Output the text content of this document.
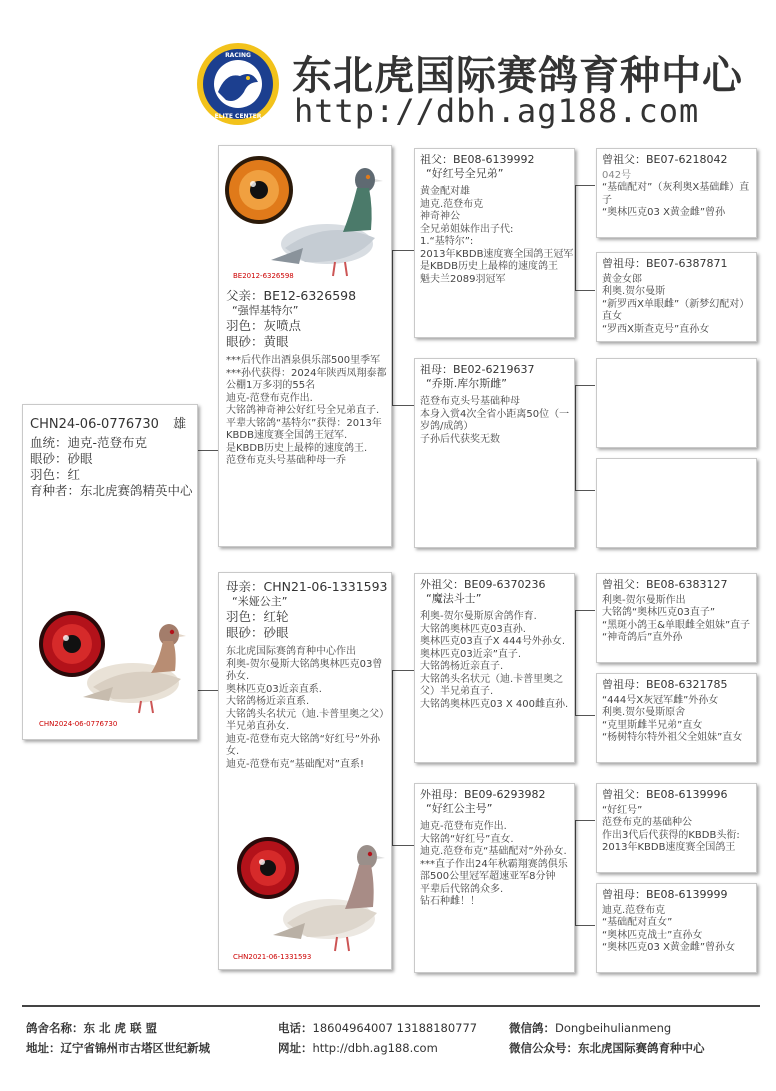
RACING
ELITE CENTER
东北虎国际赛鸽育种中心
http://dbh.ag188.com
CHN24-06-0776730 雄
血统：迪克-范登布克
眼砂：砂眼
羽色：红
育种者：东北虎赛鸽精英中心
CHN2024-06-0776730
BE2012-6326598
父亲：BE12-6326598
“强悍基特尔”
羽色：灰喷点
眼砂：黄眼
***后代作出酒泉俱乐部500里季军
***孙代获得：2024年陕西凤翔泰都公棚1万多羽的55名
迪克-范登布克作出.
大铭鸽神奇神公好红号全兄弟直子.
平辈大铭鸽“基特尔”获得：2013年KBDB速度赛全国鸽王冠军.
是KBDB历史上最棒的速度鸽王.
范登布克头号基础种母一乔
母亲：CHN21-06-1331593
“米娅公主”
羽色：红轮
眼砂：砂眼
东北虎国际赛鸽育种中心作出
利奥-贺尔曼斯大铭鸽奥林匹克03曾孙女.
奥林匹克03近亲直系.
大铭鸽杨近亲直系.
大铭鸽头名状元（迪.卡普里奥之父）半兄弟直孙女.
迪克-范登布克大铭鸽“好红号”外孙女.
迪克-范登布克“基础配对”直系!
CHN2021-06-1331593
祖父：BE08-6139992
“好红号全兄弟”
黄金配对雄
迪克.范登布克
神奇神公
全兄弟姐妹作出子代:
1.“基特尔”:
2013年KBDB速度赛全国鸽王冠军
是KBDB历史上最棒的速度鸽王
魁夫兰2089羽冠军
祖母：BE02-6219637
“乔斯.库尔斯雌”
范登布克头号基础种母
本身入赏4次全省小距离50位（一岁鸽/成鸽）
子孙后代获奖无数
外祖父：BE09-6370236
“魔法斗士”
利奥-贺尔曼斯原舍鸽作育.
大铭鸽奥林匹克03直孙.
奥林匹克03直子X 444号外孙女.
奥林匹克03近亲”直子.
大铭鸽杨近亲直子.
大铭鸽头名状元（迪.卡普里奥之父）半兄弟直子.
大铭鸽奥林匹克03 X 400雌直孙.
外祖母：BE09-6293982
“好红公主号”
迪克-范登布克作出.
大铭鸽“好红号”直女.
迪克.范登布克“基础配对”外孙女.
***直子作出24年秋霸翔赛鸽俱乐部500公里冠军超速亚军8分钟
平辈后代铭鸽众多.
钻石种雌！！
曾祖父：BE07-6218042
042号
“基础配对”（灰利奥X基础雌）直子
“奥林匹克03 X黄金雌”曾孙
曾祖母：BE07-6387871
黄金女郎
利奥.贺尔曼斯
“新罗西X单眼雌”（新梦幻配对）直女
“罗西X斯查克号”直孙女
曾祖父：BE08-6383127
利奥-贺尔曼斯作出
大铭鸽“奥林匹克03直子”
“黑斑小鸽王&单眼雌全姐妹”直子
“神奇鸽后”直外孙
曾祖母：BE08-6321785
“444号X灰冠军雌”外孙女
利奥.贺尔曼斯原舍
“克里斯雌半兄弟”直女
“杨树特尔特外祖父全姐妹”直女
曾祖父：BE08-6139996
“好红号”
范登布克的基础种公
作出3代后代获得的KBDB头衔:
2013年KBDB速度赛全国鸽王
曾祖母：BE08-6139999
迪克.范登布克
“基础配对直女”
“奥林匹克战士”直孙女
“奥林匹克03 X黄金雌”曾孙女
鸽舍名称：东 北 虎 联 盟	电话：18604964007 13188180777	微信鸽：Dongbeihulianmeng
地址：辽宁省锦州市古塔区世纪新城	网址：http://dbh.ag188.com	微信公众号：东北虎国际赛鸽育种中心
